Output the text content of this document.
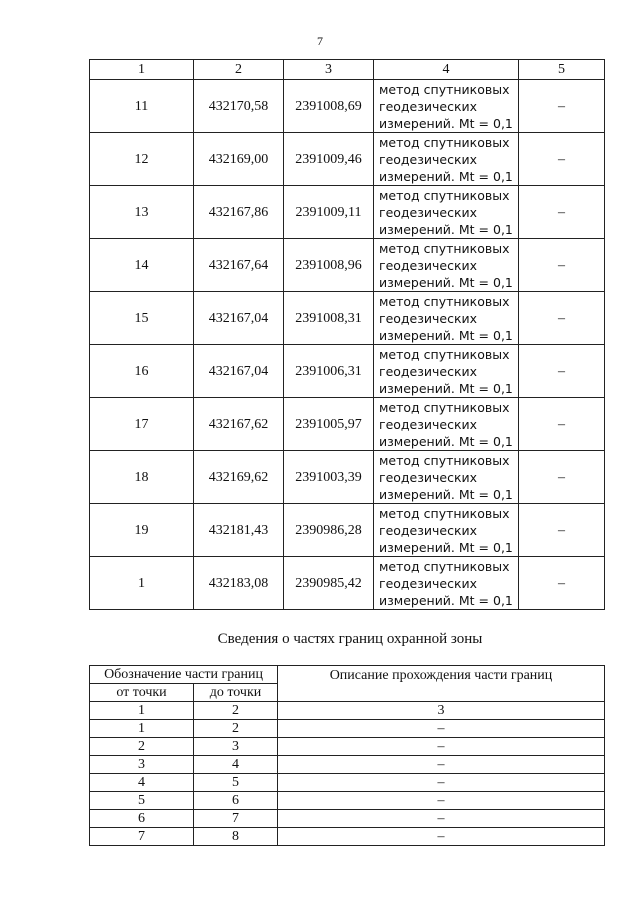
7
1	2	3	4	5
11	432170,58	2391008,69	метод спутниковых
геодезических
измерений. Mt = 0,1	–
12	432169,00	2391009,46	метод спутниковых
геодезических
измерений. Mt = 0,1	–
13	432167,86	2391009,11	метод спутниковых
геодезических
измерений. Mt = 0,1	–
14	432167,64	2391008,96	метод спутниковых
геодезических
измерений. Mt = 0,1	–
15	432167,04	2391008,31	метод спутниковых
геодезических
измерений. Mt = 0,1	–
16	432167,04	2391006,31	метод спутниковых
геодезических
измерений. Mt = 0,1	–
17	432167,62	2391005,97	метод спутниковых
геодезических
измерений. Mt = 0,1	–
18	432169,62	2391003,39	метод спутниковых
геодезических
измерений. Mt = 0,1	–
19	432181,43	2390986,28	метод спутниковых
геодезических
измерений. Mt = 0,1	–
1	432183,08	2390985,42	метод спутниковых
геодезических
измерений. Mt = 0,1	–
Сведения о частях границ охранной зоны
Обозначение части границ		Описание прохождения части границ
от точки	до точки	
1	2	3
1	2	–
2	3	–
3	4	–
4	5	–
5	6	–
6	7	–
7	8	–
